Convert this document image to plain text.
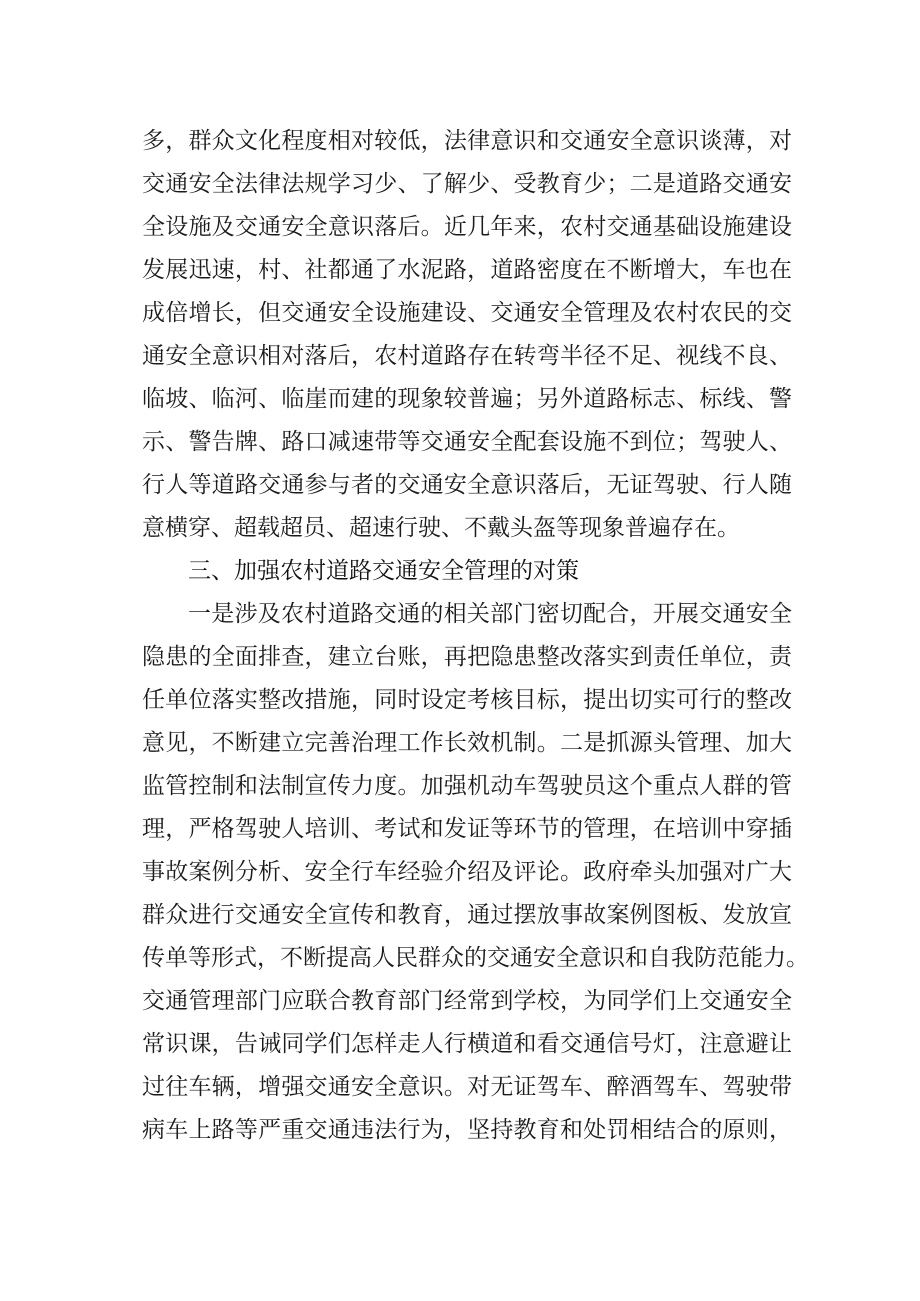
多，群众文化程度相对较低，法律意识和交通安全意识谈薄，对
交通安全法律法规学习少、了解少、受教育少；二是道路交通安
全设施及交通安全意识落后。近几年来，农村交通基础设施建设
发展迅速，村、社都通了水泥路，道路密度在不断增大，车也在
成倍增长，但交通安全设施建设、交通安全管理及农村农民的交
通安全意识相对落后，农村道路存在转弯半径不足、视线不良、
临坡、临河、临崖而建的现象较普遍；另外道路标志、标线、警
示、警告牌、路口减速带等交通安全配套设施不到位；驾驶人、
行人等道路交通参与者的交通安全意识落后，无证驾驶、行人随
意横穿、超载超员、超速行驶、不戴头盔等现象普遍存在。
三、加强农村道路交通安全管理的对策
一是涉及农村道路交通的相关部门密切配合，开展交通安全
隐患的全面排查，建立台账，再把隐患整改落实到责任单位，责
任单位落实整改措施，同时设定考核目标，提出切实可行的整改
意见，不断建立完善治理工作长效机制。二是抓源头管理、加大
监管控制和法制宣传力度。加强机动车驾驶员这个重点人群的管
理，严格驾驶人培训、考试和发证等环节的管理，在培训中穿插
事故案例分析、安全行车经验介绍及评论。政府牵头加强对广大
群众进行交通安全宣传和教育，通过摆放事故案例图板、发放宣
传单等形式，不断提高人民群众的交通安全意识和自我防范能力。
交通管理部门应联合教育部门经常到学校，为同学们上交通安全
常识课，告诫同学们怎样走人行横道和看交通信号灯，注意避让
过往车辆，增强交通安全意识。对无证驾车、醉酒驾车、驾驶带
病车上路等严重交通违法行为，坚持教育和处罚相结合的原则，
